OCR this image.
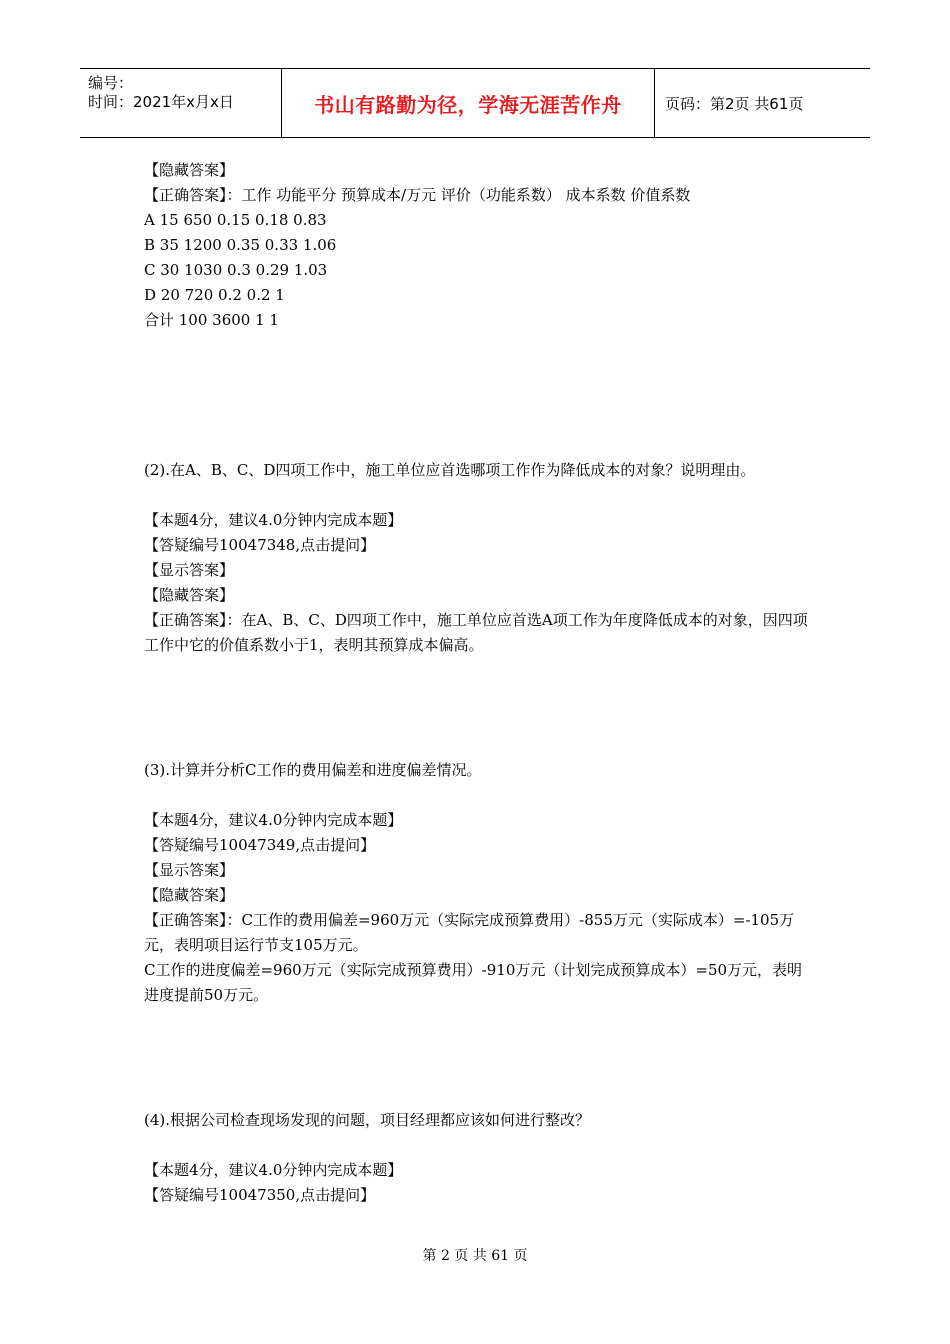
编号：
时间：2021年x月x日	书山有路勤为径，学海无涯苦作舟	页码：第2页 共61页
【隐藏答案】
【正确答案】：工作 功能平分 预算成本/万元 评价（功能系数） 成本系数 价值系数
A 15 650 0.15 0.18 0.83
B 35 1200 0.35 0.33 1.06
C 30 1030 0.3 0.29 1.03
D 20 720 0.2 0.2 1
合计 100 3600 1 1
(2).在A、B、C、D四项工作中，施工单位应首选哪项工作作为降低成本的对象？说明理由。
【本题4分，建议4.0分钟内完成本题】
【答疑编号10047348,点击提问】
【显示答案】
【隐藏答案】
【正确答案】：在A、B、C、D四项工作中，施工单位应首选A项工作为年度降低成本的对象，因四项工作中它的价值系数小于1，表明其预算成本偏高。
(3).计算并分析C工作的费用偏差和进度偏差情况。
【本题4分，建议4.0分钟内完成本题】
【答疑编号10047349,点击提问】
【显示答案】
【隐藏答案】
【正确答案】：C工作的费用偏差=960万元（实际完成预算费用）-855万元（实际成本）=-105万元，表明项目运行节支105万元。
C工作的进度偏差=960万元（实际完成预算费用）-910万元（计划完成预算成本）=50万元，表明进度提前50万元。
(4).根据公司检查现场发现的问题，项目经理都应该如何进行整改？
【本题4分，建议4.0分钟内完成本题】
【答疑编号10047350,点击提问】
第 2 页 共 61 页
